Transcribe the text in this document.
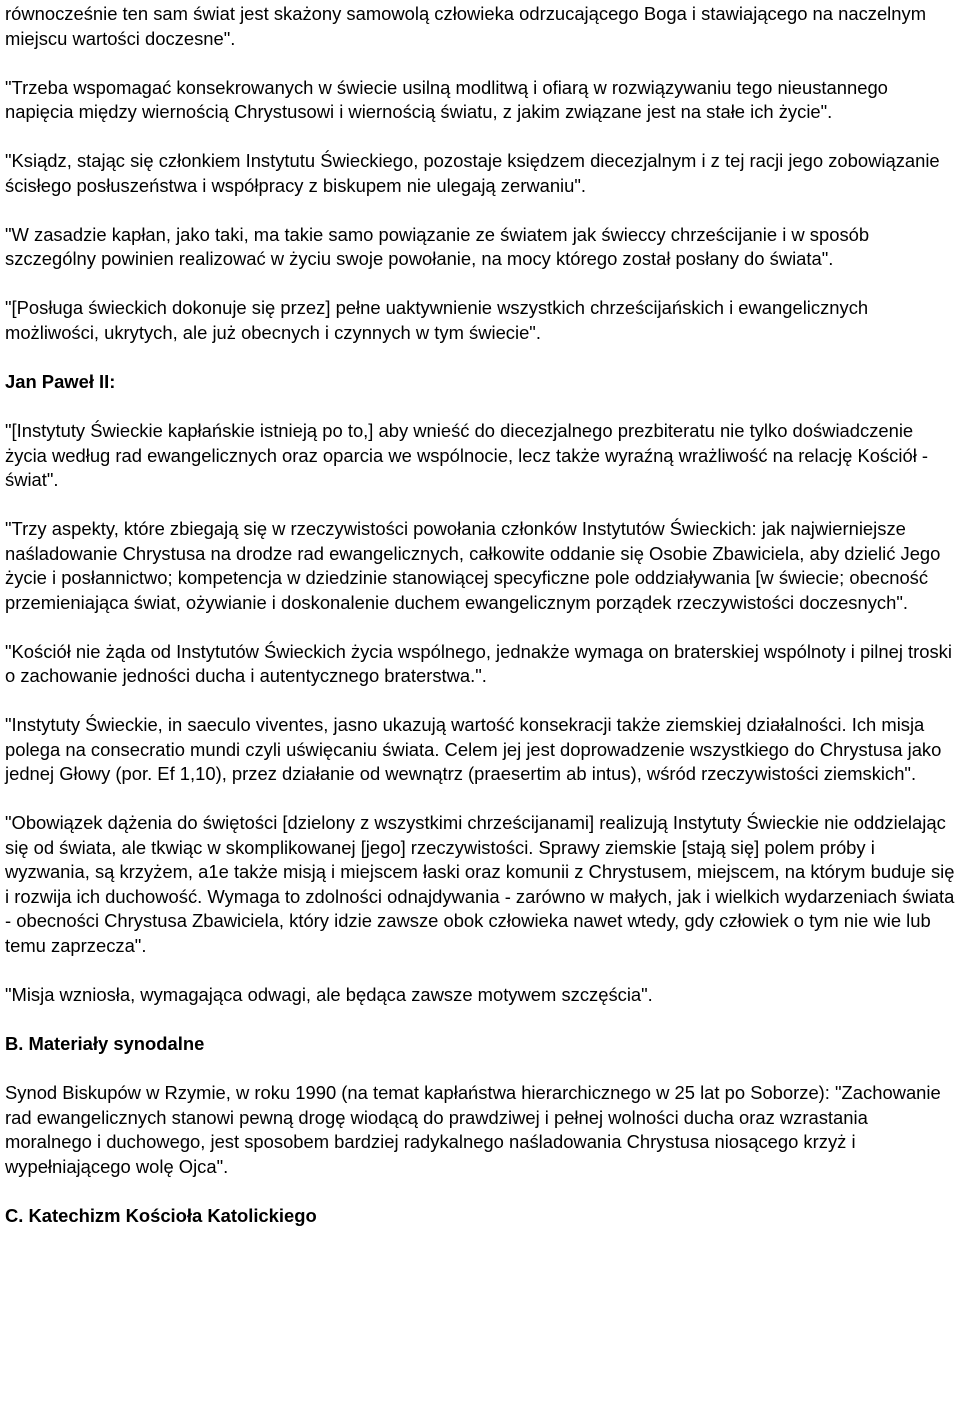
równocześnie ten sam świat jest skażony samowolą człowieka odrzucającego Boga i stawiającego na naczelnym miejscu wartości doczesne".

"Trzeba wspomagać konsekrowanych w świecie usilną modlitwą i ofiarą w rozwiązywaniu tego nieustannego napięcia między wiernością Chrystusowi i wiernością światu, z jakim związane jest na stałe ich życie".

"Ksiądz, stając się członkiem Instytutu Świeckiego, pozostaje księdzem diecezjalnym i z tej racji jego zobowiązanie ścisłego posłuszeństwa i współpracy z biskupem nie ulegają zerwaniu".

"W zasadzie kapłan, jako taki, ma takie samo powiązanie ze światem jak świeccy chrześcijanie i w sposób szczególny powinien realizować w życiu swoje powołanie, na mocy którego został posłany do świata".

"[Posługa świeckich dokonuje się przez] pełne uaktywnienie wszystkich chrześcijańskich i ewangelicznych możliwości, ukrytych, ale już obecnych i czynnych w tym świecie".

Jan Paweł II:

"[Instytuty Świeckie kapłańskie istnieją po to,] aby wnieść do diecezjalnego prezbiteratu nie tylko doświadczenie życia według rad ewangelicznych oraz oparcia we wspólnocie, lecz także wyraźną wrażliwość na relację Kościół - świat".

"Trzy aspekty, które zbiegają się w rzeczywistości powołania członków Instytutów Świeckich: jak najwierniejsze naśladowanie Chrystusa na drodze rad ewangelicznych, całkowite oddanie się Osobie Zbawiciela, aby dzielić Jego życie i posłannictwo; kompetencja w dziedzinie stanowiącej specyficzne pole oddziaływania [w świecie; obecność przemieniająca świat, ożywianie i doskonalenie duchem ewangelicznym porządek rzeczywistości doczesnych".

"Kościół nie żąda od Instytutów Świeckich życia wspólnego, jednakże wymaga on braterskiej wspólnoty i pilnej troski o zachowanie jedności ducha i autentycznego braterstwa.".

"Instytuty Świeckie, in saeculo viventes, jasno ukazują wartość konsekracji także ziemskiej działalności. Ich misja polega na consecratio mundi czyli uświęcaniu świata. Celem jej jest doprowadzenie wszystkiego do Chrystusa jako jednej Głowy (por. Ef 1,10), przez działanie od wewnątrz (praesertim ab intus), wśród rzeczywistości ziemskich".

"Obowiązek dążenia do świętości [dzielony z wszystkimi chrześcijanami] realizują Instytuty Świeckie nie oddzielając się od świata, ale tkwiąc w skomplikowanej [jego] rzeczywistości. Sprawy ziemskie [stają się] polem próby i wyzwania, są krzyżem, a1e także misją i miejscem łaski oraz komunii z Chrystusem, miejscem, na którym buduje się i rozwija ich duchowość. Wymaga to zdolności odnajdywania - zarówno w małych, jak i wielkich wydarzeniach świata - obecności Chrystusa Zbawiciela, który idzie zawsze obok człowieka nawet wtedy, gdy człowiek o tym nie wie lub temu zaprzecza".

"Misja wzniosła, wymagająca odwagi, ale będąca zawsze motywem szczęścia".

B. Materiały synodalne

Synod Biskupów w Rzymie, w roku 1990 (na temat kapłaństwa hierarchicznego w 25 lat po Soborze): "Zachowanie rad ewangelicznych stanowi pewną drogę wiodącą do prawdziwej i pełnej wolności ducha oraz wzrastania moralnego i duchowego, jest sposobem bardziej radykalnego naśladowania Chrystusa niosącego krzyż i wypełniającego wolę Ojca".

C. Katechizm Kościoła Katolickiego
